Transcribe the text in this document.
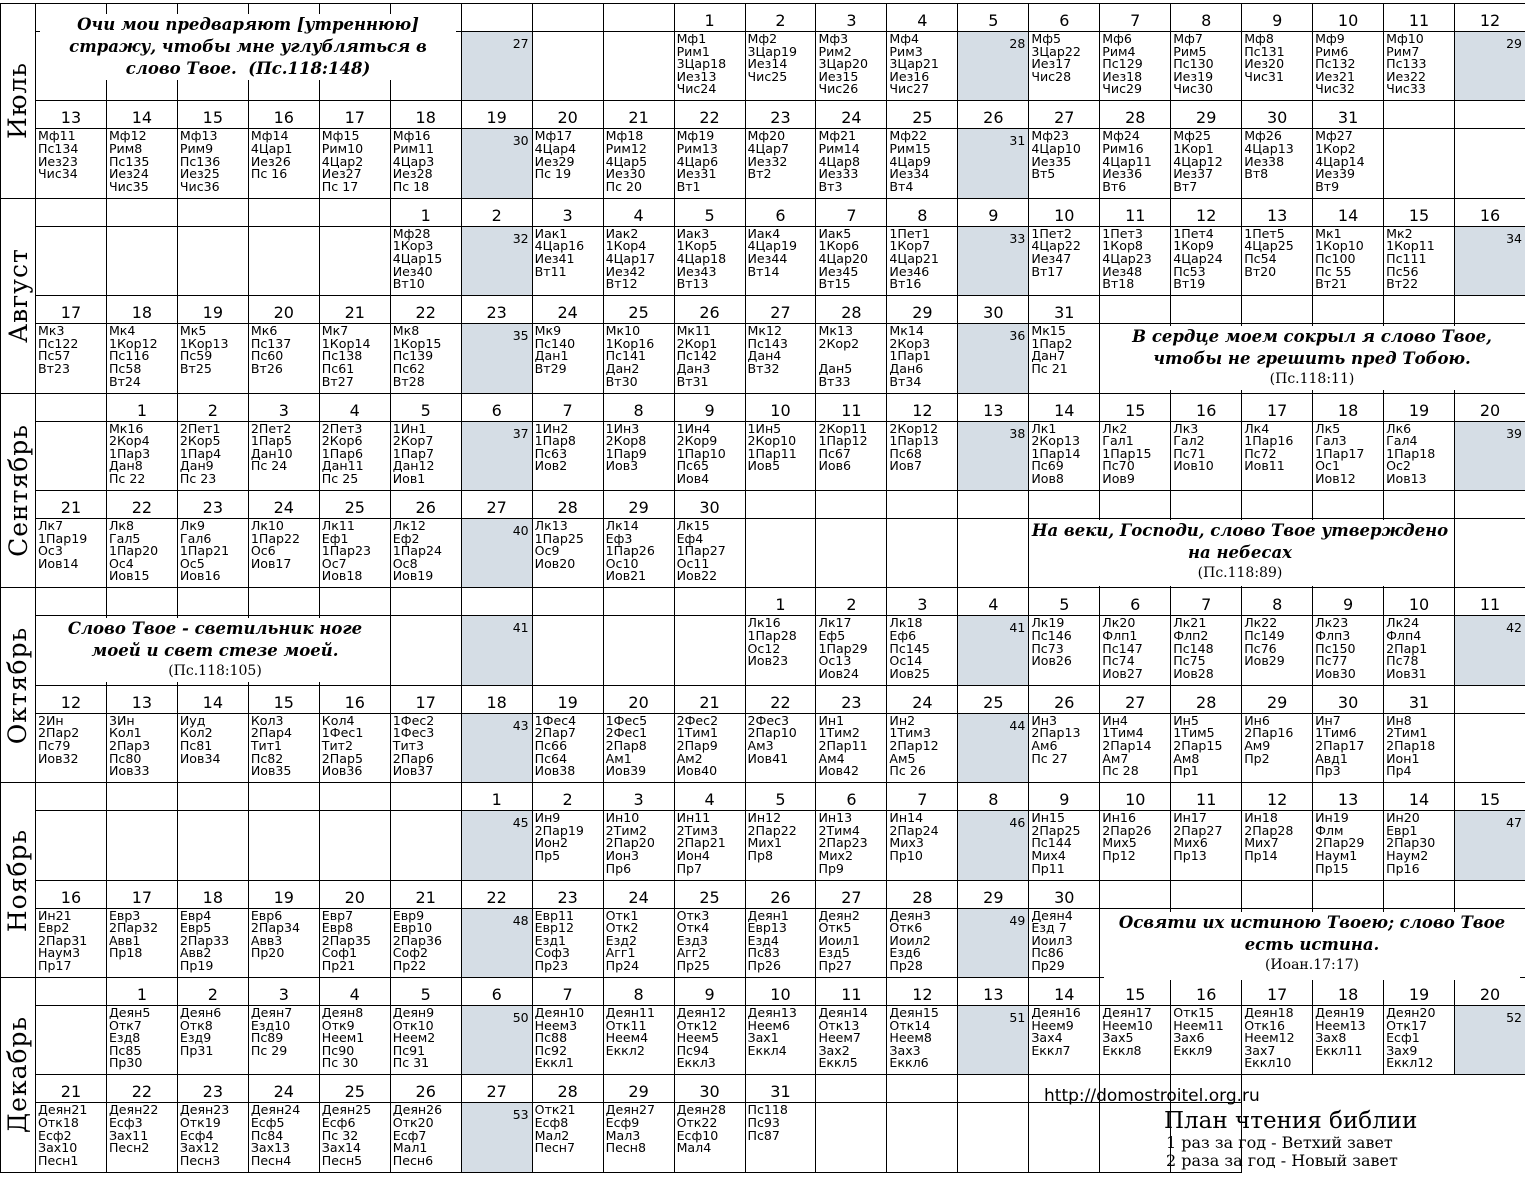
Июль
27
1
Мф1
Рим1
3Цар18
Иез13
Чис24
2
Мф2
3Цар19
Иез14
Чис25
3
Мф3
Рим2
3Цар20
Иез15
Чис26
4
Мф4
Рим3
3Цар21
Иез16
Чис27
5
28
6
Мф5
3Цар22
Иез17
Чис28
7
Мф6
Рим4
Пс129
Иез18
Чис29
8
Мф7
Рим5
Пс130
Иез19
Чис30
9
Мф8
Пс131
Иез20
Чис31
10
Мф9
Рим6
Пс132
Иез21
Чис32
11
Мф10
Рим7
Пс133
Иез22
Чис33
12
29
13
Мф11
Пс134
Иез23
Чис34
14
Мф12
Рим8
Пс135
Иез24
Чис35
15
Мф13
Рим9
Пс136
Иез25
Чис36
16
Мф14
4Цар1
Иез26
Пс 16
17
Мф15
Рим10
4Цар2
Иез27
Пс 17
18
Мф16
Рим11
4Цар3
Иез28
Пс 18
19
30
20
Мф17
4Цар4
Иез29
Пс 19
21
Мф18
Рим12
4Цар5
Иез30
Пс 20
22
Мф19
Рим13
4Цар6
Иез31
Вт1
23
Мф20
4Цар7
Иез32
Вт2
24
Мф21
Рим14
4Цар8
Иез33
Вт3
25
Мф22
Рим15
4Цар9
Иез34
Вт4
26
31
27
Мф23
4Цар10
Иез35
Вт5
28
Мф24
Рим16
4Цар11
Иез36
Вт6
29
Мф25
1Кор1
4Цар12
Иез37
Вт7
30
Мф26
4Цар13
Иез38
Вт8
31
Мф27
1Кор2
4Цар14
Иез39
Вт9
Август
1
Мф28
1Кор3
4Цар15
Иез40
Вт10
2
32
3
Иак1
4Цар16
Иез41
Вт11
4
Иак2
1Кор4
4Цар17
Иез42
Вт12
5
Иак3
1Кор5
4Цар18
Иез43
Вт13
6
Иак4
4Цар19
Иез44
Вт14
7
Иак5
1Кор6
4Цар20
Иез45
Вт15
8
1Пет1
1Кор7
4Цар21
Иез46
Вт16
9
33
10
1Пет2
4Цар22
Иез47
Вт17
11
1Пет3
1Кор8
4Цар23
Иез48
Вт18
12
1Пет4
1Кор9
4Цар24
Пс53
Вт19
13
1Пет5
4Цар25
Пс54
Вт20
14
Мк1
1Кор10
Пс100
Пс 55
Вт21
15
Мк2
1Кор11
Пс111
Пс56
Вт22
16
34
17
Мк3
Пс122
Пс57
Вт23
18
Мк4
1Кор12
Пс116
Пс58
Вт24
19
Мк5
1Кор13
Пс59
Вт25
20
Мк6
Пс137
Пс60
Вт26
21
Мк7
1Кор14
Пс138
Пс61
Вт27
22
Мк8
1Кор15
Пс139
Пс62
Вт28
23
35
24
Мк9
Пс140
Дан1
Вт29
25
Мк10
1Кор16
Пс141
Дан2
Вт30
26
Мк11
2Кор1
Пс142
Дан3
Вт31
27
Мк12
Пс143
Дан4
Вт32
28
Мк13
2Кор2

Дан5
Вт33
29
Мк14
2Кор3
1Пар1
Дан6
Вт34
30
36
31
Мк15
1Пар2
Дан7
Пс 21
Сентябрь
1
Мк16
2Кор4
1Пар3
Дан8
Пс 22
2
2Пет1
2Кор5
1Пар4
Дан9
Пс 23
3
2Пет2
1Пар5
Дан10
Пс 24
4
2Пет3
2Кор6
1Пар6
Дан11
Пс 25
5
1Ин1
2Кор7
1Пар7
Дан12
Иов1
6
37
7
1Ин2
1Пар8
Пс63
Иов2
8
1Ин3
2Кор8
1Пар9
Иов3
9
1Ин4
2Кор9
1Пар10
Пс65
Иов4
10
1Ин5
2Кор10
1Пар11
Иов5
11
2Кор11
1Пар12
Пс67
Иов6
12
2Кор12
1Пар13
Пс68
Иов7
13
38
14
Лк1
2Кор13
1Пар14
Пс69
Иов8
15
Лк2
Гал1
1Пар15
Пс70
Иов9
16
Лк3
Гал2
Пс71
Иов10
17
Лк4
1Пар16
Пс72
Иов11
18
Лк5
Гал3
1Пар17
Ос1
Иов12
19
Лк6
Гал4
1Пар18
Ос2
Иов13
20
39
21
Лк7
1Пар19
Ос3
Иов14
22
Лк8
Гал5
1Пар20
Ос4
Иов15
23
Лк9
Гал6
1Пар21
Ос5
Иов16
24
Лк10
1Пар22
Ос6
Иов17
25
Лк11
Еф1
1Пар23
Ос7
Иов18
26
Лк12
Еф2
1Пар24
Ос8
Иов19
27
40
28
Лк13
1Пар25
Ос9
Иов20
29
Лк14
Еф3
1Пар26
Ос10
Иов21
30
Лк15
Еф4
1Пар27
Ос11
Иов22
Октябрь	41
1
Лк16
1Пар28
Ос12
Иов23
2
Лк17
Еф5
1Пар29
Ос13
Иов24
3
Лк18
Еф6
Пс145
Ос14
Иов25
4
41
5
Лк19
Пс146
Пс73
Иов26
6
Лк20
Флп1
Пс147
Пс74
Иов27
7
Лк21
Флп2
Пс148
Пс75
Иов28
8
Лк22
Пс149
Пс76
Иов29
9
Лк23
Флп3
Пс150
Пс77
Иов30
10
Лк24
Флп4
2Пар1
Пс78
Иов31
11
42
12
2Ин
2Пар2
Пс79
Иов32
13
3Ин
Кол1
2Пар3
Пс80
Иов33
14
Иуд
Кол2
Пс81
Иов34
15
Кол3
2Пар4
Тит1
Пс82
Иов35
16
Кол4
1Фес1
Тит2
2Пар5
Иов36
17
1Фес2
1Фес3
Тит3
2Пар6
Иов37
18
43
19
1Фес4
2Пар7
Пс66
Пс64
Иов38
20
1Фес5
2Фес1
2Пар8
Ам1
Иов39
21
2Фес2
1Тим1
2Пар9
Ам2
Иов40
22
2Фес3
2Пар10
Ам3
Иов41
23
Ин1
1Тим2
2Пар11
Ам4
Иов42
24
Ин2
1Тим3
2Пар12
Ам5
Пс 26
25
44
26
Ин3
2Пар13
Ам6
Пс 27
27
Ин4
1Тим4
2Пар14
Ам7
Пс 28
28
Ин5
1Тим5
2Пар15
Ам8
Пр1
29
Ин6
2Пар16
Ам9
Пр2
30
Ин7
1Тим6
2Пар17
Авд1
Пр3
31
Ин8
2Тим1
2Пар18
Ион1
Пр4
Ноябрь
1
45
2
Ин9
2Пар19
Ион2
Пр5
3
Ин10
2Тим2
2Пар20
Ион3
Пр6
4
Ин11
2Тим3
2Пар21
Ион4
Пр7
5
Ин12
2Пар22
Мих1
Пр8
6
Ин13
2Тим4
2Пар23
Мих2
Пр9
7
Ин14
2Пар24
Мих3
Пр10
8
46
9
Ин15
2Пар25
Пс144
Мих4
Пр11
10
Ин16
2Пар26
Мих5
Пр12
11
Ин17
2Пар27
Мих6
Пр13
12
Ин18
2Пар28
Мих7
Пр14
13
Ин19
Флм
2Пар29
Наум1
Пр15
14
Ин20
Евр1
2Пар30
Наум2
Пр16
15
47
16
Ин21
Евр2
2Пар31
Наум3
Пр17
17
Евр3
2Пар32
Авв1
Пр18
18
Евр4
Евр5
2Пар33
Авв2
Пр19
19
Евр6
2Пар34
Авв3
Пр20
20
Евр7
Евр8
2Пар35
Соф1
Пр21
21
Евр9
Евр10
2Пар36
Соф2
Пр22
22
48
23
Евр11
Евр12
Езд1
Соф3
Пр23
24
Отк1
Отк2
Езд2
Агг1
Пр24
25
Отк3
Отк4
Езд3
Агг2
Пр25
26
Деян1
Евр13
Езд4
Пс83
Пр26
27
Деян2
Отк5
Иоил1
Езд5
Пр27
28
Деян3
Отк6
Иоил2
Езд6
Пр28
29
49
30
Деян4
Езд 7
Иоил3
Пс86
Пр29
Декабрь
1
Деян5
Отк7
Езд8
Пс85
Пр30
2
Деян6
Отк8
Езд9
Пр31
3
Деян7
Езд10
Пс89
Пс 29
4
Деян8
Отк9
Неем1
Пс90
Пс 30
5
Деян9
Отк10
Неем2
Пс91
Пс 31
6
50
7
Деян10
Неем3
Пс88
Пс92
Еккл1
8
Деян11
Отк11
Неем4
Еккл2
9
Деян12
Отк12
Неем5
Пс94
Еккл3
10
Деян13
Неем6
Зах1
Еккл4
11
Деян14
Отк13
Неем7
Зах2
Еккл5
12
Деян15
Отк14
Неем8
Зах3
Еккл6
13
51
14
Деян16
Неем9
Зах4
Еккл7
15
Деян17
Неем10
Зах5
Еккл8
16
Отк15
Неем11
Зах6
Еккл9
17
Деян18
Отк16
Неем12
Зах7
Еккл10
18
Деян19
Неем13
Зах8
Еккл11
19
Деян20
Отк17
Есф1
Зах9
Еккл12
20
52
21
Деян21
Отк18
Есф2
Зах10
Песн1
22
Деян22
Есф3
Зах11
Песн2
23
Деян23
Отк19
Есф4
Зах12
Песн3
24
Деян24
Есф5
Пс84
Зах13
Песн4
25
Деян25
Есф6
Пс 32
Зах14
Песн5
26
Деян26
Отк20
Есф7
Мал1
Песн6
27
53
28
Отк21
Есф8
Мал2
Песн7
29
Деян27
Есф9
Мал3
Песн8
30
Деян28
Отк22
Есф10
Мал4
31
Пс118
Пс93
Пс87
Очи мои предваряют [утреннюю] стражу, чтобы мне углубляться в слово Твое. (Пс.118:148)
В сердце моем сокрыл я слово Твое, чтобы не грешить пред Тобою.
(Пс.118:11)
На веки, Господи, слово Твое утверждено на небесах
(Пс.118:89)
Слово Твое - светильник ноге моей и свет стезе моей.
(Пс.118:105)
Освяти их истиною Твоею; слово Твое есть истина.
(Иоан.17:17)
http://domostroitel.org.ru
План чтения библии
1 раз за год - Ветхий завет
2 раза за год - Новый завет
